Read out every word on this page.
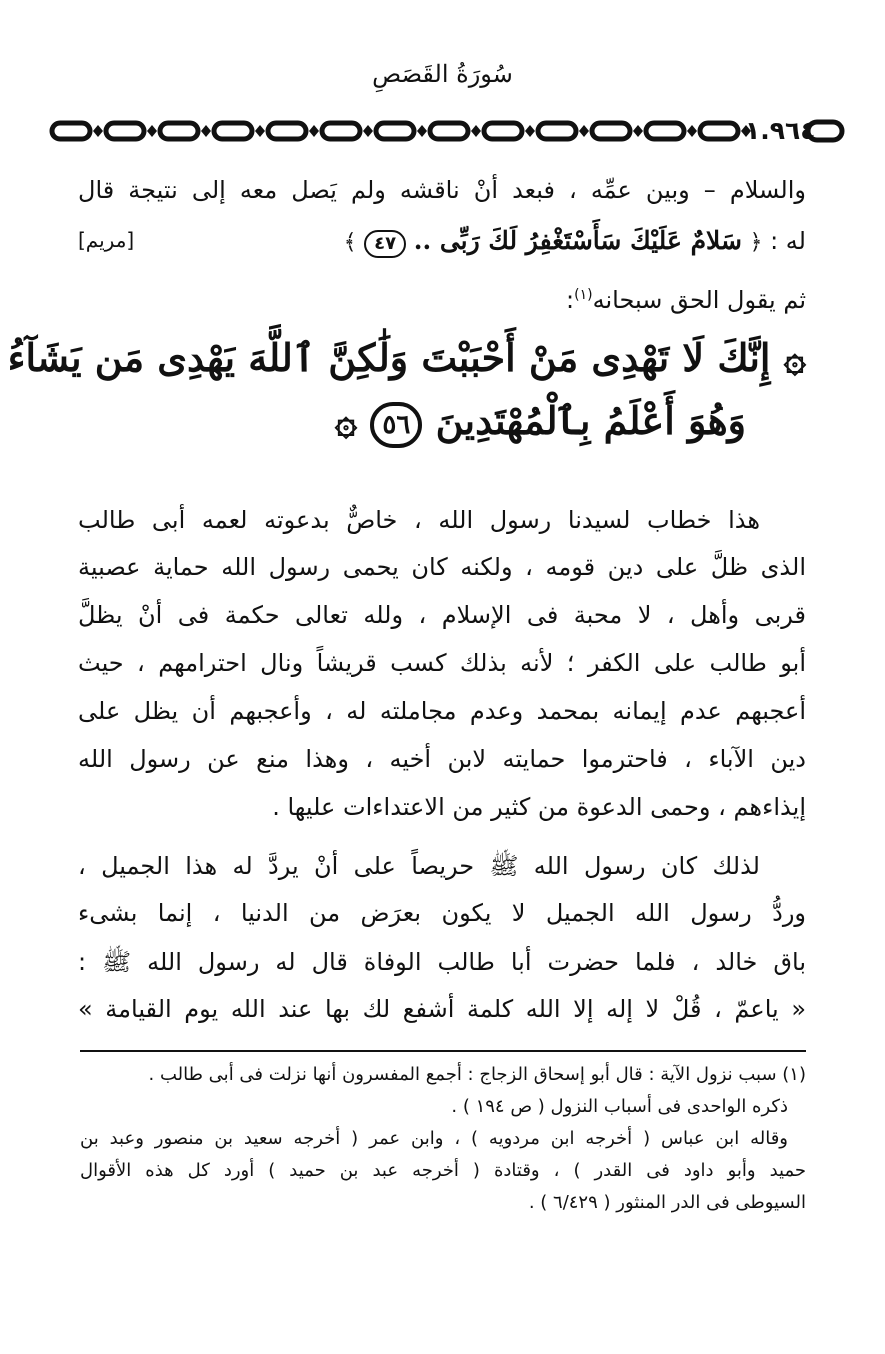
سُورَةُ القَصَصِ
١.٩٦٤
والسلام – وبين عمِّه ، فبعد أنْ ناقشه ولم يَصل معه إلى نتيجة قال
له : ﴿ سَلامٌ عَلَيْكَ سَأَسْتَغْفِرُ لَكَ رَبِّى .. ٤٧ ﴾
[مريم]
ثم يقول الحق سبحانه$^{(١)}$:
۞ إِنَّكَ لَا تَهْدِى مَنْ أَحْبَبْتَ وَلَٰكِنَّ ٱللَّهَ يَهْدِى مَن يَشَآءُ
وَهُوَ أَعْلَمُ بِٱلْمُهْتَدِينَ ٥٦ ۞
هذا خطاب لسيدنا رسول الله ، خاصٌّ بدعوته لعمه أبى طالب
الذى ظلَّ على دين قومه ، ولكنه كان يحمى رسول الله حماية عصبية
قربى وأهل ، لا محبة فى الإسلام ، ولله تعالى حكمة فى أنْ يظلَّ
أبو طالب على الكفر ؛ لأنه بذلك كسب قريشاً ونال احترامهم ، حيث
أعجبهم عدم إيمانه بمحمد وعدم مجاملته له ، وأعجبهم أن يظل على
دين الآباء ، فاحترموا حمايته لابن أخيه ، وهذا منع عن رسول الله
إيذاءهم ، وحمى الدعوة من كثير من الاعتداءات عليها .
لذلك كان رسول الله ﷺ حريصاً على أنْ يردَّ له هذا الجميل ،
وردُّ رسول الله الجميل لا يكون بعرَض من الدنيا ، إنما بشىء
باق خالد ، فلما حضرت أبا طالب الوفاة قال له رسول الله ﷺ :
« ياعمّ ، قُلْ لا إله إلا الله كلمة أشفع لك بها عند الله يوم القيامة »
(١) سبب نزول الآية : قال أبو إسحاق الزجاج : أجمع المفسرون أنها نزلت فى أبى طالب .
ذكره الواحدى فى أسباب النزول ( ص ١٩٤ ) .
وقاله ابن عباس ( أخرجه ابن مردويه ) ، وابن عمر ( أخرجه سعيد بن منصور وعبد بن
حميد وأبو داود فى القدر ) ، وقتادة ( أخرجه عبد بن حميد ) أورد كل هذه الأقوال
السيوطى فى الدر المنثور ( ٦/٤٢٩ ) .
